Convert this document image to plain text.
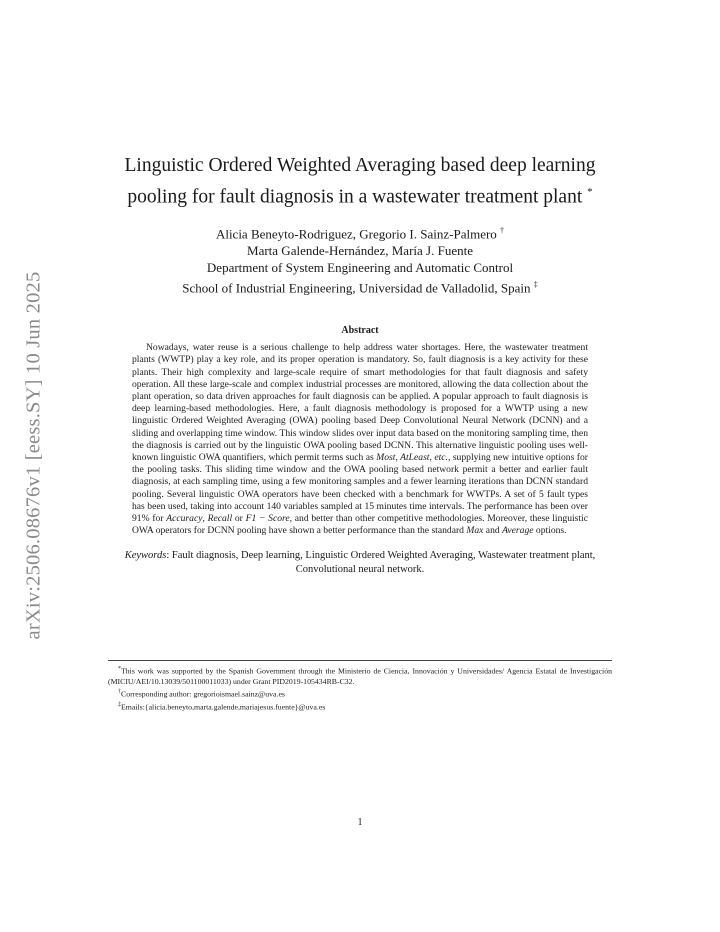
arXiv:2506.08676v1 [eess.SY] 10 Jun 2025
Linguistic Ordered Weighted Averaging based deep learning
pooling for fault diagnosis in a wastewater treatment plant *
Alicia Beneyto-Rodriguez, Gregorio I. Sainz-Palmero †
Marta Galende-Hernández, María J. Fuente
Department of System Engineering and Automatic Control
School of Industrial Engineering, Universidad de Valladolid, Spain ‡
Abstract

Nowadays, water reuse is a serious challenge to help address water shortages. Here, the wastewater treatment plants (WWTP) play a key role, and its proper operation is mandatory. So, fault diagnosis is a key activity for these plants. Their high complexity and large-scale require of smart methodologies for that fault diagnosis and safety operation. All these large-scale and complex industrial processes are monitored, allowing the data collection about the plant operation, so data driven approaches for fault diagnosis can be applied. A popular approach to fault diagnosis is deep learning-based methodologies. Here, a fault diagnosis methodology is proposed for a WWTP using a new linguistic Ordered Weighted Averaging (OWA) pooling based Deep Convolutional Neural Network (DCNN) and a sliding and overlapping time window. This window slides over input data based on the monitoring sampling time, then the diagnosis is carried out by the linguistic OWA pooling based DCNN. This alternative linguistic pooling uses well-known linguistic OWA quantifiers, which permit terms such as Most, AtLeast, etc., supplying new intuitive options for the pooling tasks. This sliding time window and the OWA pooling based network permit a better and earlier fault diagnosis, at each sampling time, using a few monitoring samples and a fewer learning iterations than DCNN standard pooling. Several linguistic OWA operators have been checked with a benchmark for WWTPs. A set of 5 fault types has been used, taking into account 140 variables sampled at 15 minutes time intervals. The performance has been over 91% for Accuracy, Recall or F1 − Score, and better than other competitive methodologies. Moreover, these linguistic OWA operators for DCNN pooling have shown a better performance than the standard Max and Average options.

Keywords: Fault diagnosis, Deep learning, Linguistic Ordered Weighted Averaging, Wastewater treatment plant, Convolutional neural network.
*This work was supported by the Spanish Government through the Ministerio de Ciencia, Innovación y Universidades/ Agencia Estatal de Investigación (MICIU/AEI/10.13039/501100011033) under Grant PID2019-105434RB-C32.
†Corresponding author: gregorioismael.sainz@uva.es
‡Emails:{alicia.beneyto,marta.galende,mariajesus.fuente}@uva.es
1
